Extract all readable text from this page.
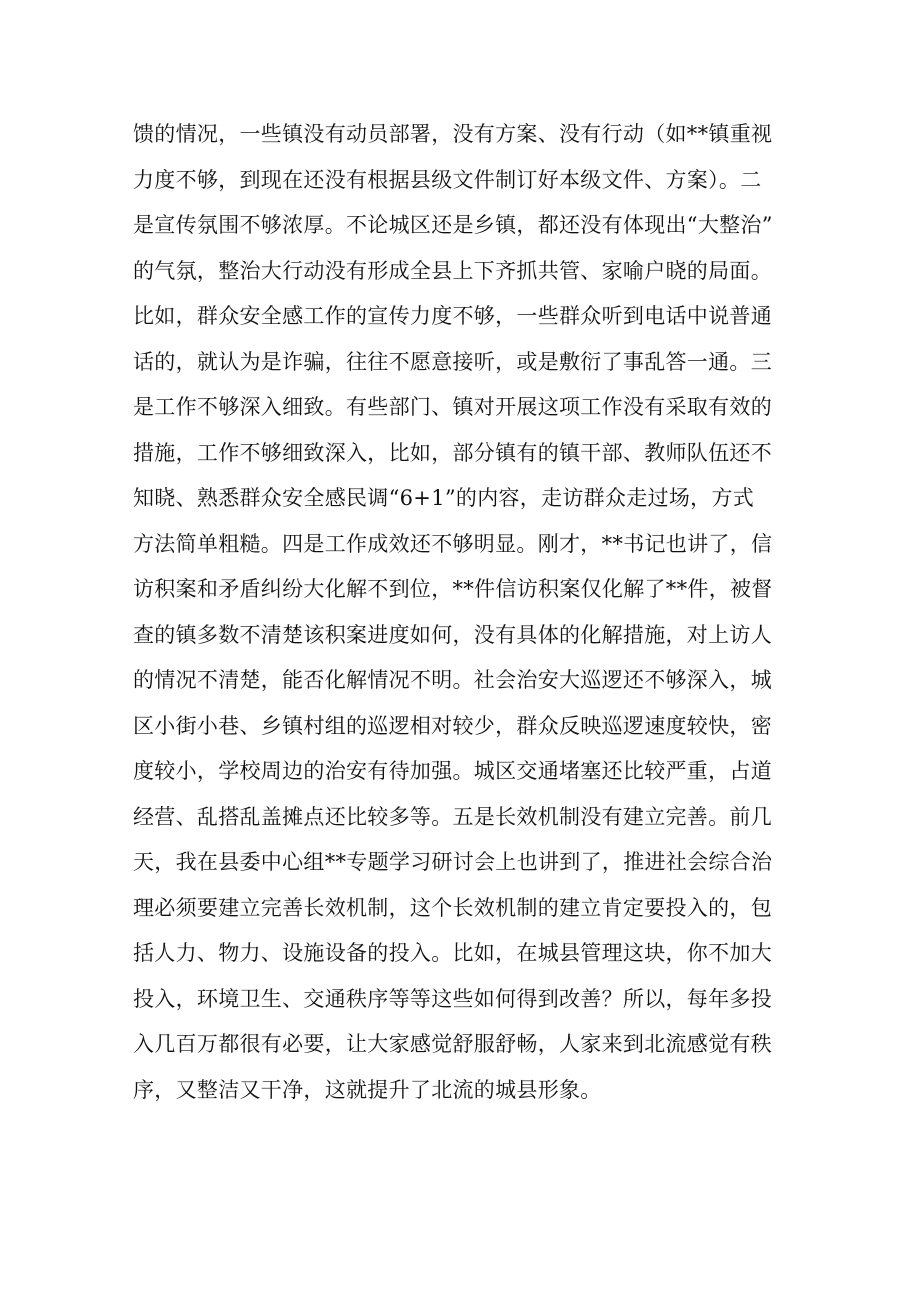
馈的情况，一些镇没有动员部署，没有方案、没有行动（如**镇重视
力度不够，到现在还没有根据县级文件制订好本级文件、方案）。二
是宣传氛围不够浓厚。不论城区还是乡镇，都还没有体现出“大整治”
的气氛，整治大行动没有形成全县上下齐抓共管、家喻户晓的局面。
比如，群众安全感工作的宣传力度不够，一些群众听到电话中说普通
话的，就认为是诈骗，往往不愿意接听，或是敷衍了事乱答一通。三
是工作不够深入细致。有些部门、镇对开展这项工作没有采取有效的
措施，工作不够细致深入，比如，部分镇有的镇干部、教师队伍还不
知晓、熟悉群众安全感民调“6+1”的内容，走访群众走过场，方式
方法简单粗糙。四是工作成效还不够明显。刚才，**书记也讲了，信
访积案和矛盾纠纷大化解不到位，**件信访积案仅化解了**件，被督
查的镇多数不清楚该积案进度如何，没有具体的化解措施，对上访人
的情况不清楚，能否化解情况不明。社会治安大巡逻还不够深入，城
区小街小巷、乡镇村组的巡逻相对较少，群众反映巡逻速度较快，密
度较小，学校周边的治安有待加强。城区交通堵塞还比较严重，占道
经营、乱搭乱盖摊点还比较多等。五是长效机制没有建立完善。前几
天，我在县委中心组**专题学习研讨会上也讲到了，推进社会综合治
理必须要建立完善长效机制，这个长效机制的建立肯定要投入的，包
括人力、物力、设施设备的投入。比如，在城县管理这块，你不加大
投入，环境卫生、交通秩序等等这些如何得到改善？所以，每年多投
入几百万都很有必要，让大家感觉舒服舒畅，人家来到北流感觉有秩
序，又整洁又干净，这就提升了北流的城县形象。
